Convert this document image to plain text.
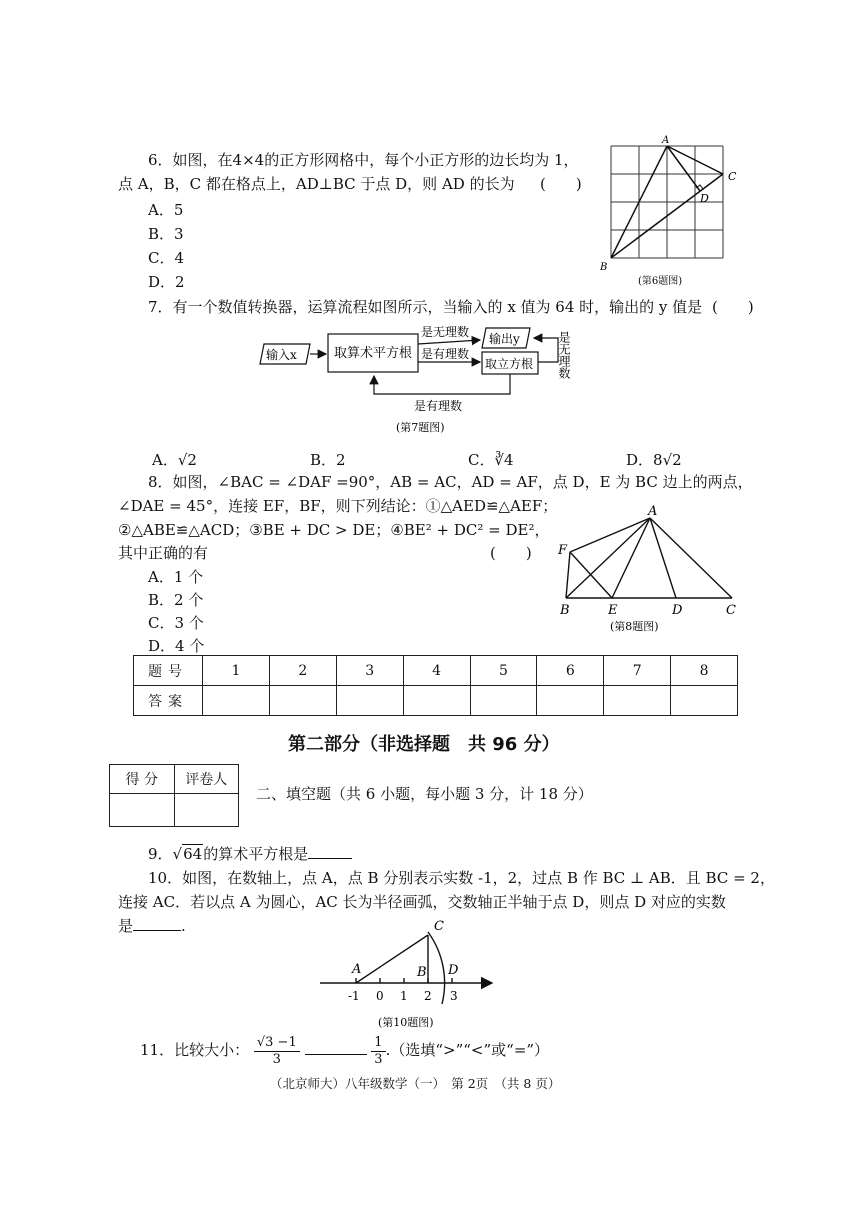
6．如图，在4×4的正方形网格中，每个小正方形的边长均为 1，
点 A，B，C 都在格点上，AD⊥BC 于点 D，则 AD 的长为 (　　)
A．5
B．3
C．4
D．2
A
B
C
D
(第6题图)
7．有一个数值转换器，运算流程如图所示，当输入的 x 值为 64 时，输出的 y 值是 (　　)
输入x	取算术平方根
是无理数
是有理数
输出y
取立方根 是无理数
是有理数
(第7题图)
A．√2	B．2	C．∛4	D．8√2
8．如图，∠BAC = ∠DAF =90°，AB = AC，AD = AF，点 D，E 为 BC 边上的两点，
∠DAE = 45°，连接 EF，BF，则下列结论：①△AED≌△AEF；
②△ABE≌△ACD；③BE + DC > DE；④BE² + DC² = DE²，
其中正确的有	(　　)
A．1 个
B．2 个
C．3 个
D．4 个
A
F
B	E	D	C
(第8题图)
题号	1	2	3	4	5	6	7	8
答案								
第二部分（非选择题　共 96 分）
得 分	评卷人

二、填空题（共 6 小题，每小题 3 分，计 18 分）
9．√64的算术平方根是
10．如图，在数轴上，点 A，点 B 分别表示实数 -1，2，过点 B 作 BC ⊥ AB．且 BC = 2，
连接 AC．若以点 A 为圆心，AC 长为半径画弧，交数轴正半轴于点 D，则点 D 对应的实数
是	.
A	B
C
D
-1 0 1 2 3
(第10题图)
11．比较大小： $\frac{√3 -1}{3}$
	$\frac{1}{3}$ .（选填“>”“<”或“=”）
（北京师大）八年级数学（一）　第 2页　（共 8 页）
